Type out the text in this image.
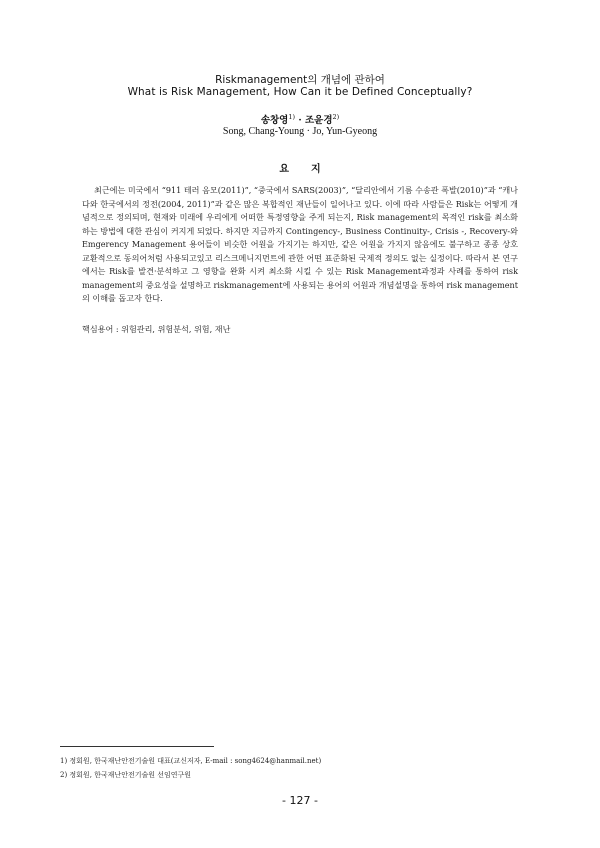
Riskmanagement의 개념에 관하여
What is Risk Management, How Can it be Defined Conceptually?
송창영$^{1)}$ · 조윤경$^{2)}$
Song, Chang-Young · Jo, Yun-Gyeong
요지

최근에는 미국에서 “911 테러 음모(2011)”, “중국에서 SARS(2003)”, “달리안에서 기름 수송관 폭발(2010)”과 “캐나다와 한국에서의 정전(2004, 2011)”과 같은 많은 복합적인 재난들이 일어나고 있다. 이에 따라 사람들은 Risk는 어떻게 개념적으로 정의되며, 현재와 미래에 우리에게 어떠한 특정영향을 주게 되는지, Risk management의 목적인 risk를 최소화하는 방법에 대한 관심이 커지게 되었다. 하지만 지금까지 Contingency-, Business Continuity-, Crisis -, Recovery-와 Emgerency Management 용어들이 비슷한 어원을 가지기는 하지만, 같은 어원을 가지지 않음에도 불구하고 종종 상호 교환적으로 동의어처럼 사용되고있고 리스크메니지먼트에 관한 어떤 표준화된 국제적 정의도 없는 실정이다. 따라서 본 연구에서는 Risk를 발견·분석하고 그 영향을 완화 시켜 최소화 시킬 수 있는 Risk Management과정과 사례를 통하여 risk management의 중요성을 설명하고 riskmanagement에 사용되는 용어의 어원과 개념설명을 통하여 risk management의 이해를 돕고자 한다.

핵심용어 : 위험관리, 위험분석, 위험, 재난

1) 정회원, 한국재난안전기술원 대표(교신저자, E-mail : song4624@hanmail.net)
2) 정회원, 한국재난안전기술원 선임연구원
- 127 -
